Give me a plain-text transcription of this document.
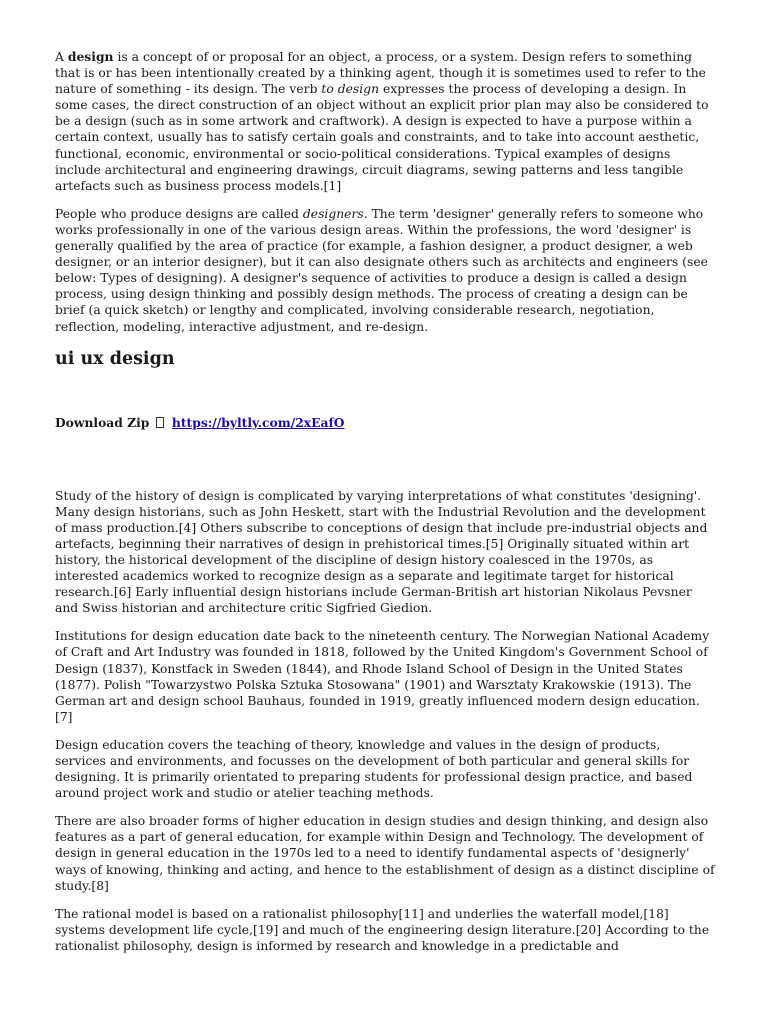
A design is a concept of or proposal for an object, a process, or a system. Design refers to something that is or has been intentionally created by a thinking agent, though it is sometimes used to refer to the nature of something - its design. The verb to design expresses the process of developing a design. In some cases, the direct construction of an object without an explicit prior plan may also be considered to be a design (such as in some artwork and craftwork). A design is expected to have a purpose within a certain context, usually has to satisfy certain goals and constraints, and to take into account aesthetic, functional, economic, environmental or socio-political considerations. Typical examples of designs include architectural and engineering drawings, circuit diagrams, sewing patterns and less tangible artefacts such as business process models.[1]

People who produce designs are called designers. The term 'designer' generally refers to someone who works professionally in one of the various design areas. Within the professions, the word 'designer' is generally qualified by the area of practice (for example, a fashion designer, a product designer, a web designer, or an interior designer), but it can also designate others such as architects and engineers (see below: Types of designing). A designer's sequence of activities to produce a design is called a design process, using design thinking and possibly design methods. The process of creating a design can be brief (a quick sketch) or lengthy and complicated, involving considerable research, negotiation, reflection, modeling, interactive adjustment, and re-design.

ui ux design
Download Zip https://byltly.com/2xEafO

Study of the history of design is complicated by varying interpretations of what constitutes 'designing'. Many design historians, such as John Heskett, start with the Industrial Revolution and the development of mass production.[4] Others subscribe to conceptions of design that include pre-industrial objects and artefacts, beginning their narratives of design in prehistorical times.[5] Originally situated within art history, the historical development of the discipline of design history coalesced in the 1970s, as interested academics worked to recognize design as a separate and legitimate target for historical research.[6] Early influential design historians include German-British art historian Nikolaus Pevsner and Swiss historian and architecture critic Sigfried Giedion.

Institutions for design education date back to the nineteenth century. The Norwegian National Academy of Craft and Art Industry was founded in 1818, followed by the United Kingdom's Government School of Design (1837), Konstfack in Sweden (1844), and Rhode Island School of Design in the United States (1877). Polish "Towarzystwo Polska Sztuka Stosowana" (1901) and Warsztaty Krakowskie (1913). The German art and design school Bauhaus, founded in 1919, greatly influenced modern design education.[7]

Design education covers the teaching of theory, knowledge and values in the design of products, services and environments, and focusses on the development of both particular and general skills for designing. It is primarily orientated to preparing students for professional design practice, and based around project work and studio or atelier teaching methods.

There are also broader forms of higher education in design studies and design thinking, and design also features as a part of general education, for example within Design and Technology. The development of design in general education in the 1970s led to a need to identify fundamental aspects of 'designerly' ways of knowing, thinking and acting, and hence to the establishment of design as a distinct discipline of study.[8]

The rational model is based on a rationalist philosophy[11] and underlies the waterfall model,[18] systems development life cycle,[19] and much of the engineering design literature.[20] According to the rationalist philosophy, design is informed by research and knowledge in a predictable and
